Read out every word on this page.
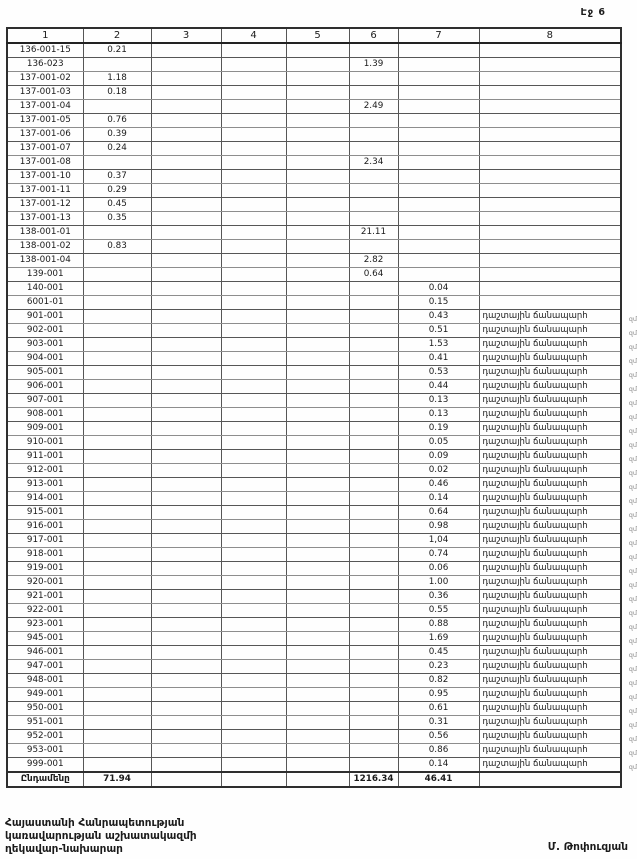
Էջ 6
1	2	3	4	5	6	7	8
136-001-15	0.21						
136-023					1.39		
137-001-02	1.18						
137-001-03	0.18						
137-001-04					2.49		
137-001-05	0.76						
137-001-06	0.39						
137-001-07	0.24						
137-001-08					2.34		
137-001-10	0.37						
137-001-11	0.29						
137-001-12	0.45						
137-001-13	0.35						
138-001-01					21.11		
138-001-02	0.83						
138-001-04					2.82		
139-001					0.64		
140-001						0.04	
6001-01						0.15	
901-001						0.43	դաշտային ճանապարհ զմ

902-001						0.51	դաշտային ճանապարհ զմ

903-001						1.53	դաշտային ճանապարհ զմ

904-001						0.41	դաշտային ճանապարհ զմ

905-001						0.53	դաշտային ճանապարհ զմ

906-001						0.44	դաշտային ճանապարհ զմ

907-001						0.13	դաշտային ճանապարհ զմ

908-001						0.13	դաշտային ճանապարհ զմ

909-001						0.19	դաշտային ճանապարհ զմ

910-001						0.05	դաշտային ճանապարհ զմ

911-001						0.09	դաշտային ճանապարհ զմ

912-001						0.02	դաշտային ճանապարհ զմ

913-001						0.46	դաշտային ճանապարհ զմ

914-001						0.14	դաշտային ճանապարհ զմ

915-001						0.64	դաշտային ճանապարհ զմ

916-001						0.98	դաշտային ճանապարհ զմ

917-001						1,04	դաշտային ճանապարհ զմ

918-001						0.74	դաշտային ճանապարհ զմ

919-001						0.06	դաշտային ճանապարհ զմ

920-001						1.00	դաշտային ճանապարհ զմ

921-001						0.36	դաշտային ճանապարհ զմ

922-001						0.55	դաշտային ճանապարհ զմ

923-001						0.88	դաշտային ճանապարհ զմ

945-001						1.69	դաշտային ճանապարհ զմ

946-001						0.45	դաշտային ճանապարհ զմ

947-001						0.23	դաշտային ճանապարհ զմ

948-001						0.82	դաշտային ճանապարհ զմ

949-001						0.95	դաշտային ճանապարհ զմ

950-001						0.61	դաշտային ճանապարհ զմ

951-001						0.31	դաշտային ճանապարհ զմ

952-001						0.56	դաշտային ճանապարհ զմ

953-001						0.86	դաշտային ճանապարհ զմ

999-001						0.14	դաշտային ճանապարհ զմ

Ընդամենը	71.94				1216.34	46.41	
Հայաստանի Հանրապետության
կառավարության աշխատակազմի
ղեկավար-նախարար	Մ. Թոփուզյան
